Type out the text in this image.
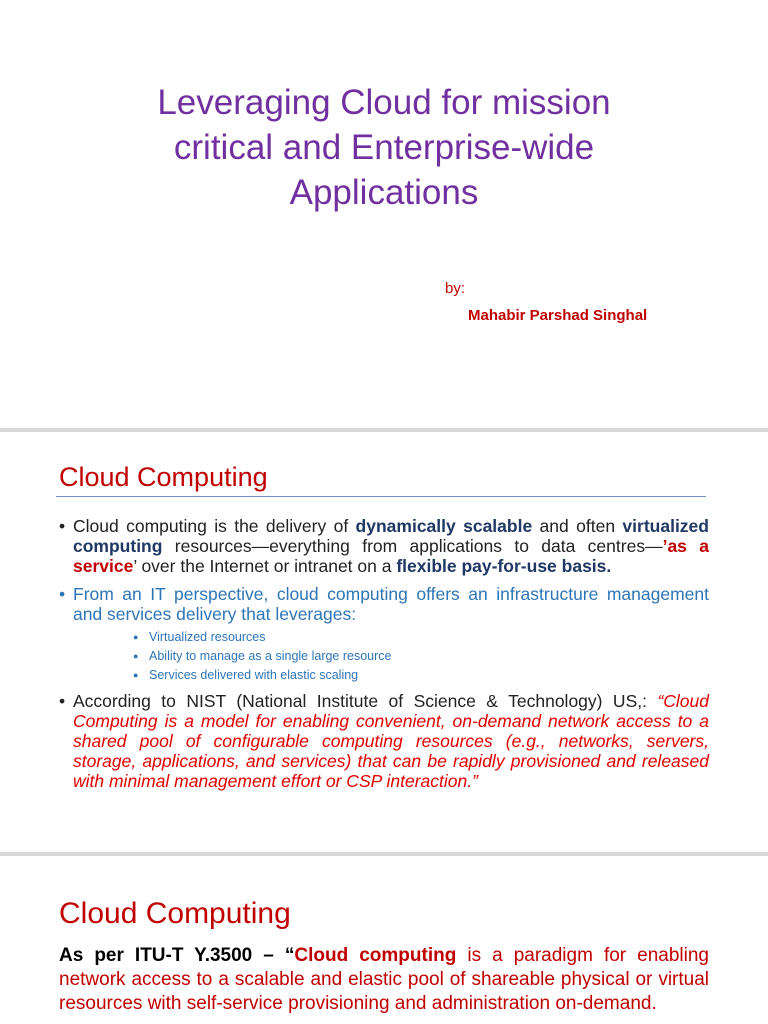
Leveraging Cloud for mission
critical and Enterprise-wide
Applications
by:
Mahabir Parshad Singhal
Cloud Computing

• Cloud computing is the delivery of dynamically scalable and often virtualized computing resources—everything from applications to data centres—’as a service’ over the Internet or intranet on a flexible pay-for-use basis.

• From an IT perspective, cloud computing offers an infrastructure management and services delivery that leverages:

● Virtualized resources
● Ability to manage as a single large resource
● Services delivered with elastic scaling

• According to NIST (National Institute of Science & Technology) US,: “Cloud Computing is a model for enabling convenient, on-demand network access to a shared pool of configurable computing resources (e.g., networks, servers, storage, applications, and services) that can be rapidly provisioned and released with minimal management effort or CSP interaction.”

Cloud Computing
As per ITU-T Y.3500 – “Cloud computing is a paradigm for enabling network access to a scalable and elastic pool of shareable physical or virtual resources with self-service provisioning and administration on-demand.
